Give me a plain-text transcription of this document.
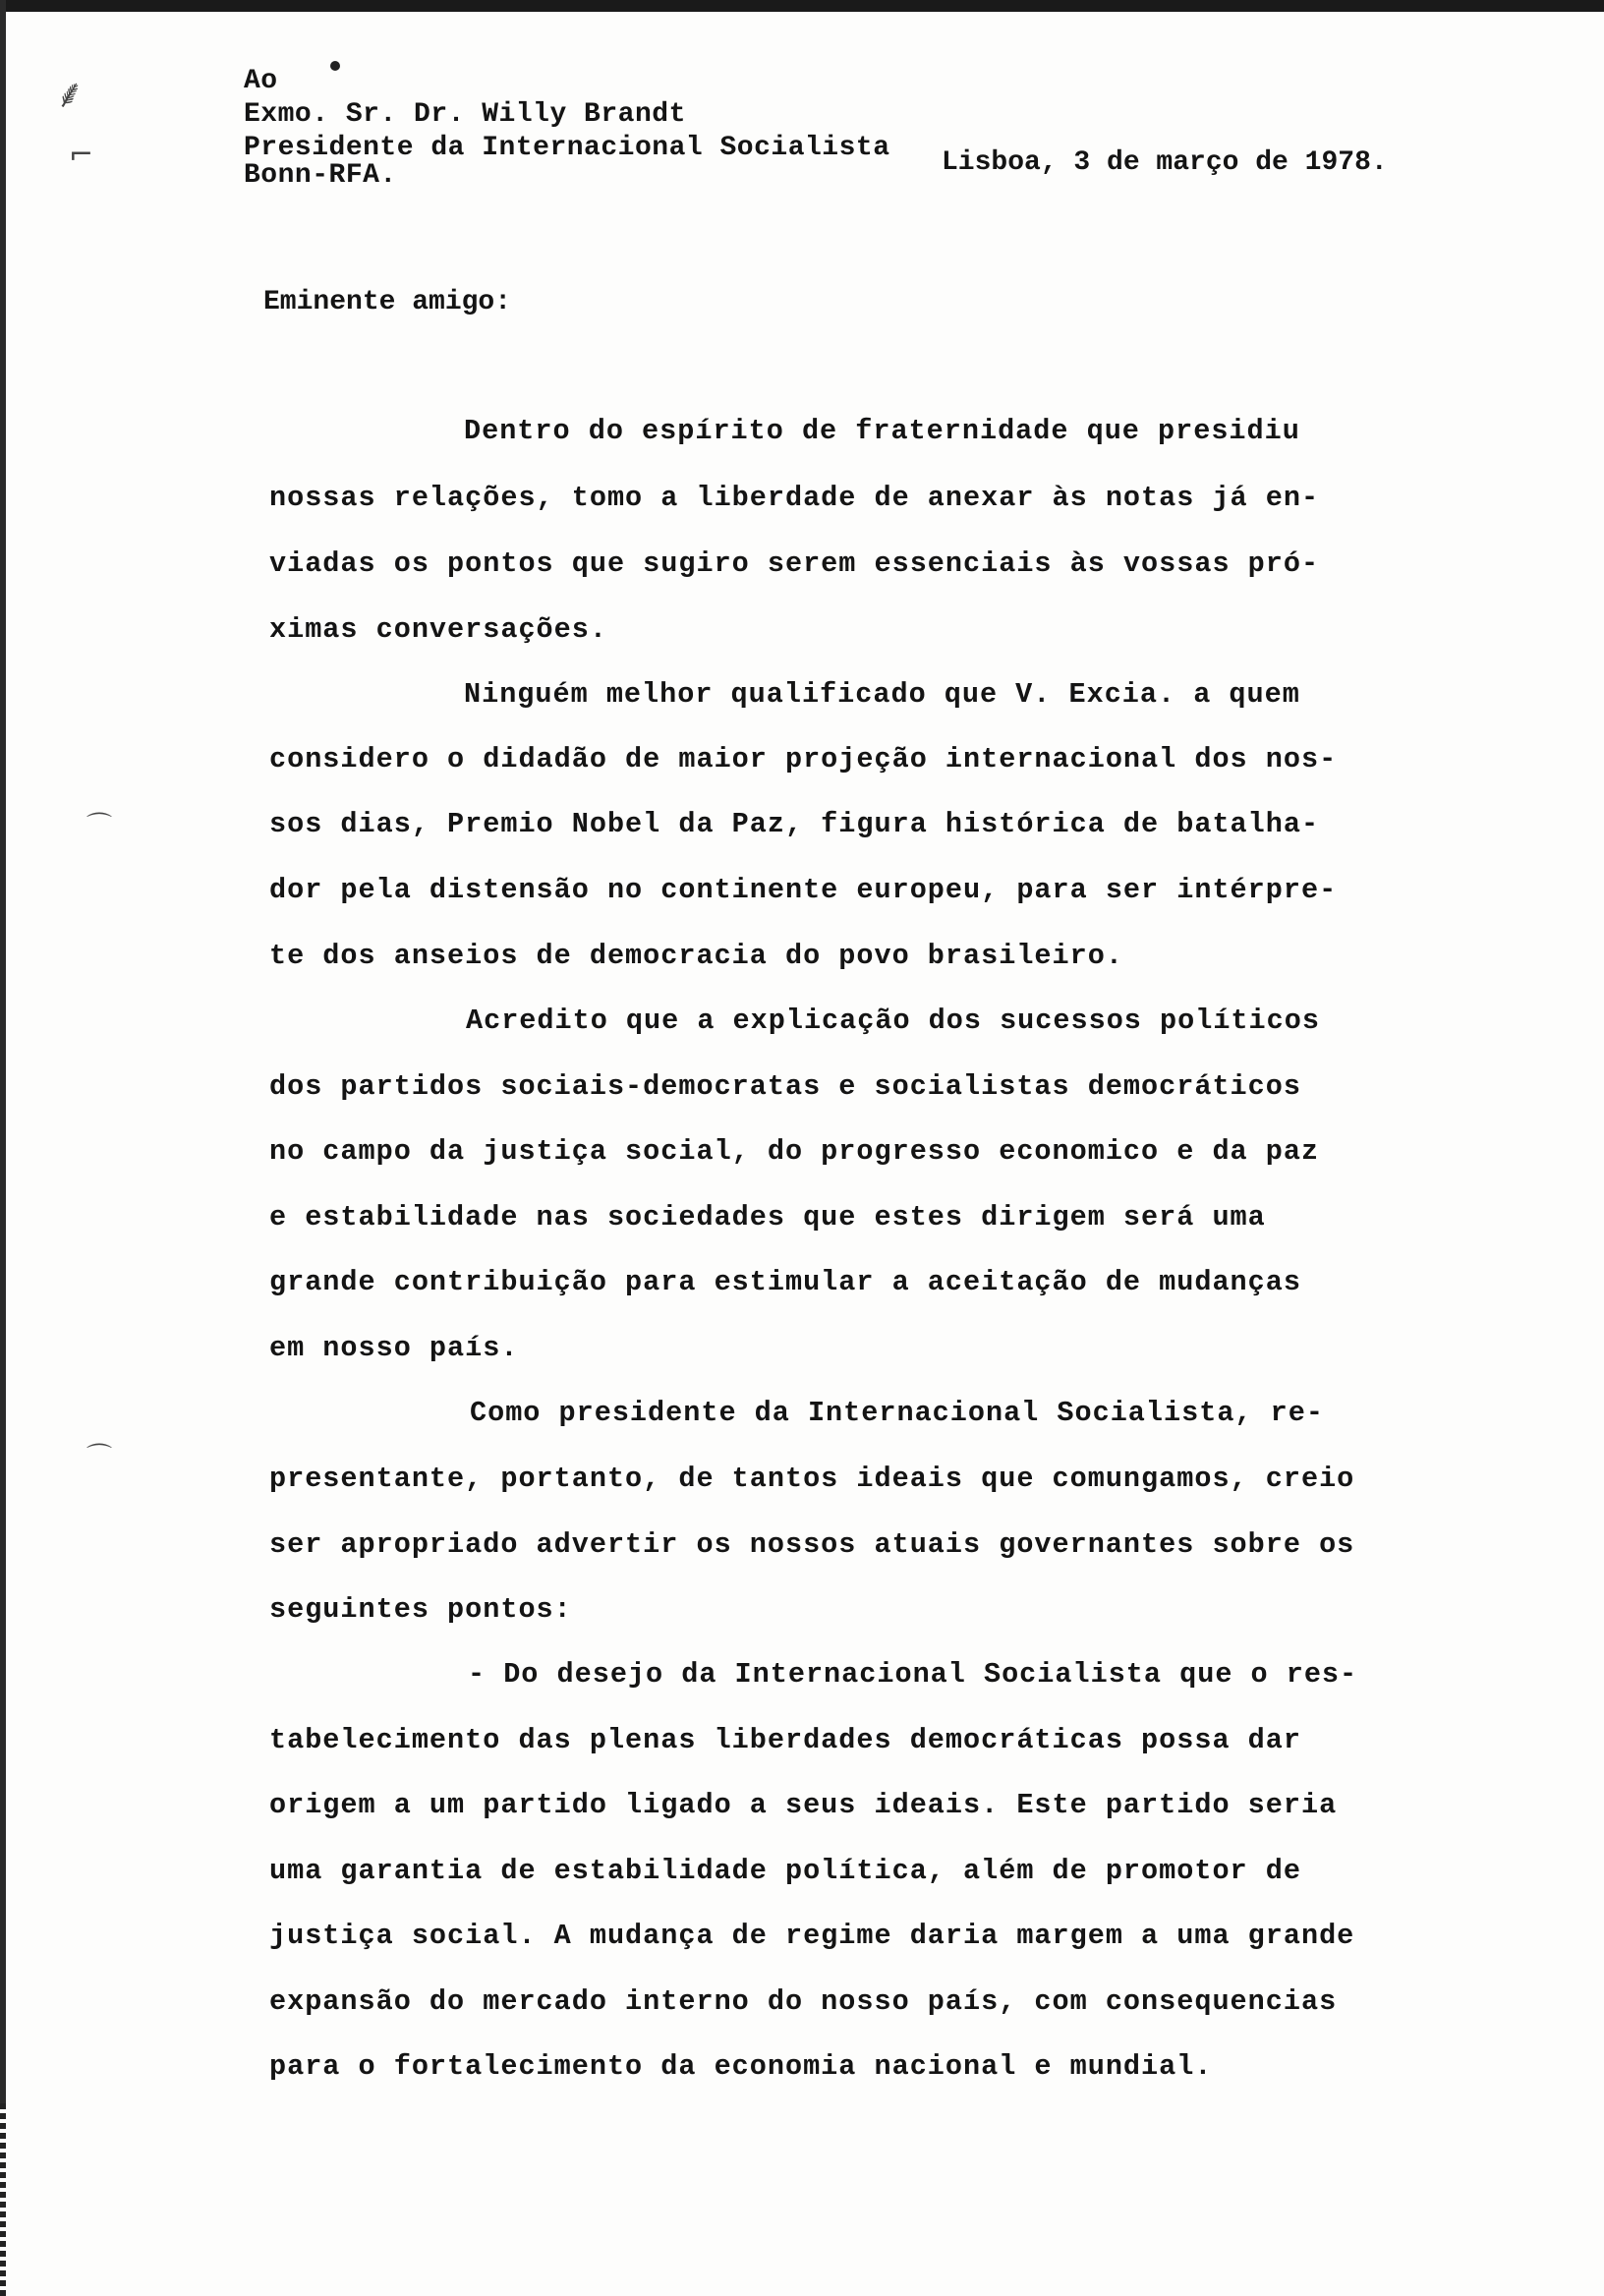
⸙
⌐
⌒
⌒
Ao
Exmo. Sr. Dr. Willy Brandt
Presidente da Internacional Socialista
Bonn-RFA.	Lisboa, 3 de março de 1978.
Eminente amigo:
Dentro do espírito de fraternidade que presidiu
nossas relações, tomo a liberdade de anexar às notas já en-
viadas os pontos que sugiro serem essenciais às vossas pró-
ximas conversações.
Ninguém melhor qualificado que V. Excia. a quem
considero o didadão de maior projeção internacional dos nos-
sos dias, Premio Nobel da Paz, figura histórica de batalha-
dor pela distensão no continente europeu, para ser intérpre-
te dos anseios de democracia do povo brasileiro.
Acredito que a explicação dos sucessos políticos
dos partidos sociais-democratas e socialistas democráticos
no campo da justiça social, do progresso economico e da paz
e estabilidade nas sociedades que estes dirigem será uma
grande contribuição para estimular a aceitação de mudanças
em nosso país.
Como presidente da Internacional Socialista, re-
presentante, portanto, de tantos ideais que comungamos, creio
ser apropriado advertir os nossos atuais governantes sobre os
seguintes pontos:
- Do desejo da Internacional Socialista que o res-
tabelecimento das plenas liberdades democráticas possa dar
origem a um partido ligado a seus ideais. Este partido seria
uma garantia de estabilidade política, além de promotor de
justiça social. A mudança de regime daria margem a uma grande
expansão do mercado interno do nosso país, com consequencias
para o fortalecimento da economia nacional e mundial.
